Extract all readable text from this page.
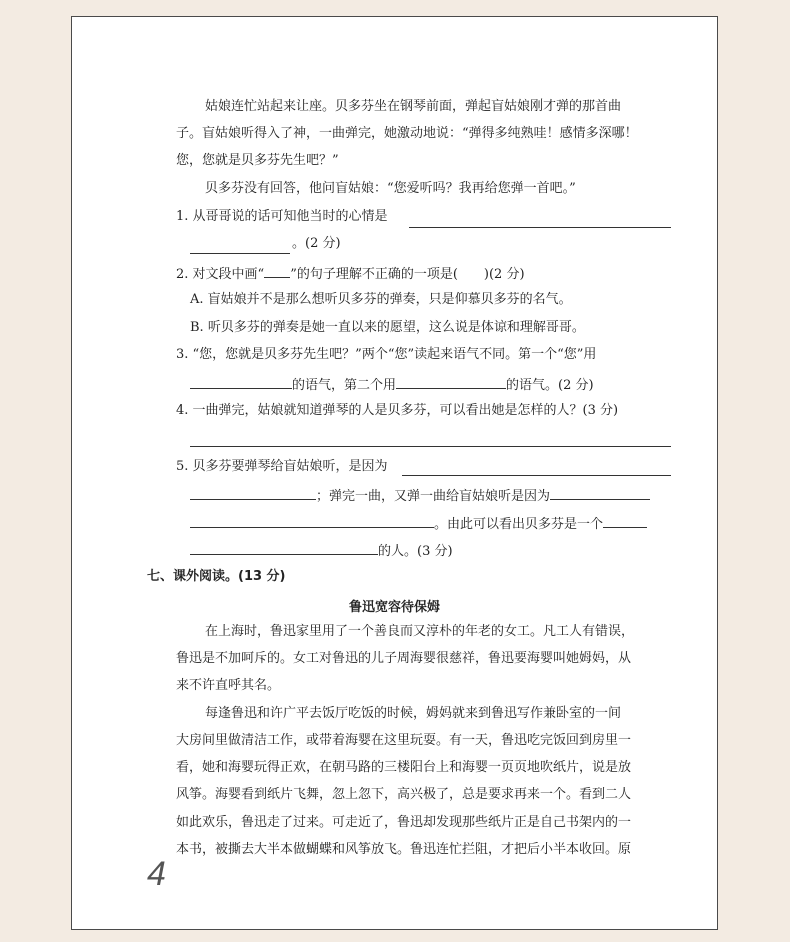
姑娘连忙站起来让座。贝多芬坐在钢琴前面，弹起盲姑娘刚才弹的那首曲
子。盲姑娘听得入了神，一曲弹完，她激动地说：“弹得多纯熟哇！感情多深哪！
您，您就是贝多芬先生吧？”
贝多芬没有回答，他问盲姑娘：“您爱听吗？我再给您弹一首吧。”
1. 从哥哥说的话可知他当时的心情是
。(2 分)
2. 对文段中画“ ”的句子理解不正确的一项是(　　)(2 分)
A. 盲姑娘并不是那么想听贝多芬的弹奏，只是仰慕贝多芬的名气。
B. 听贝多芬的弹奏是她一直以来的愿望，这么说是体谅和理解哥哥。
3. “您，您就是贝多芬先生吧？”两个“您”读起来语气不同。第一个“您”用
的语气，第二个用	的语气。(2 分)
4. 一曲弹完，姑娘就知道弹琴的人是贝多芬，可以看出她是怎样的人？(3 分)
5. 贝多芬要弹琴给盲姑娘听，是因为
；弹完一曲，又弹一曲给盲姑娘听是因为
。由此可以看出贝多芬是一个
的人。(3 分)
七、课外阅读。(13 分)
鲁迅宽容待保姆
在上海时，鲁迅家里用了一个善良而又淳朴的年老的女工。凡工人有错误，
鲁迅是不加呵斥的。女工对鲁迅的儿子周海婴很慈祥，鲁迅要海婴叫她姆妈，从
来不许直呼其名。
每逢鲁迅和许广平去饭厅吃饭的时候，姆妈就来到鲁迅写作兼卧室的一间
大房间里做清洁工作，或带着海婴在这里玩耍。有一天，鲁迅吃完饭回到房里一
看，她和海婴玩得正欢，在朝马路的三楼阳台上和海婴一页页地吹纸片，说是放
风筝。海婴看到纸片飞舞，忽上忽下，高兴极了，总是要求再来一个。看到二人
如此欢乐，鲁迅走了过来。可走近了，鲁迅却发现那些纸片正是自己书架内的一
本书，被撕去大半本做蝴蝶和风筝放飞。鲁迅连忙拦阻，才把后小半本收回。原
4
